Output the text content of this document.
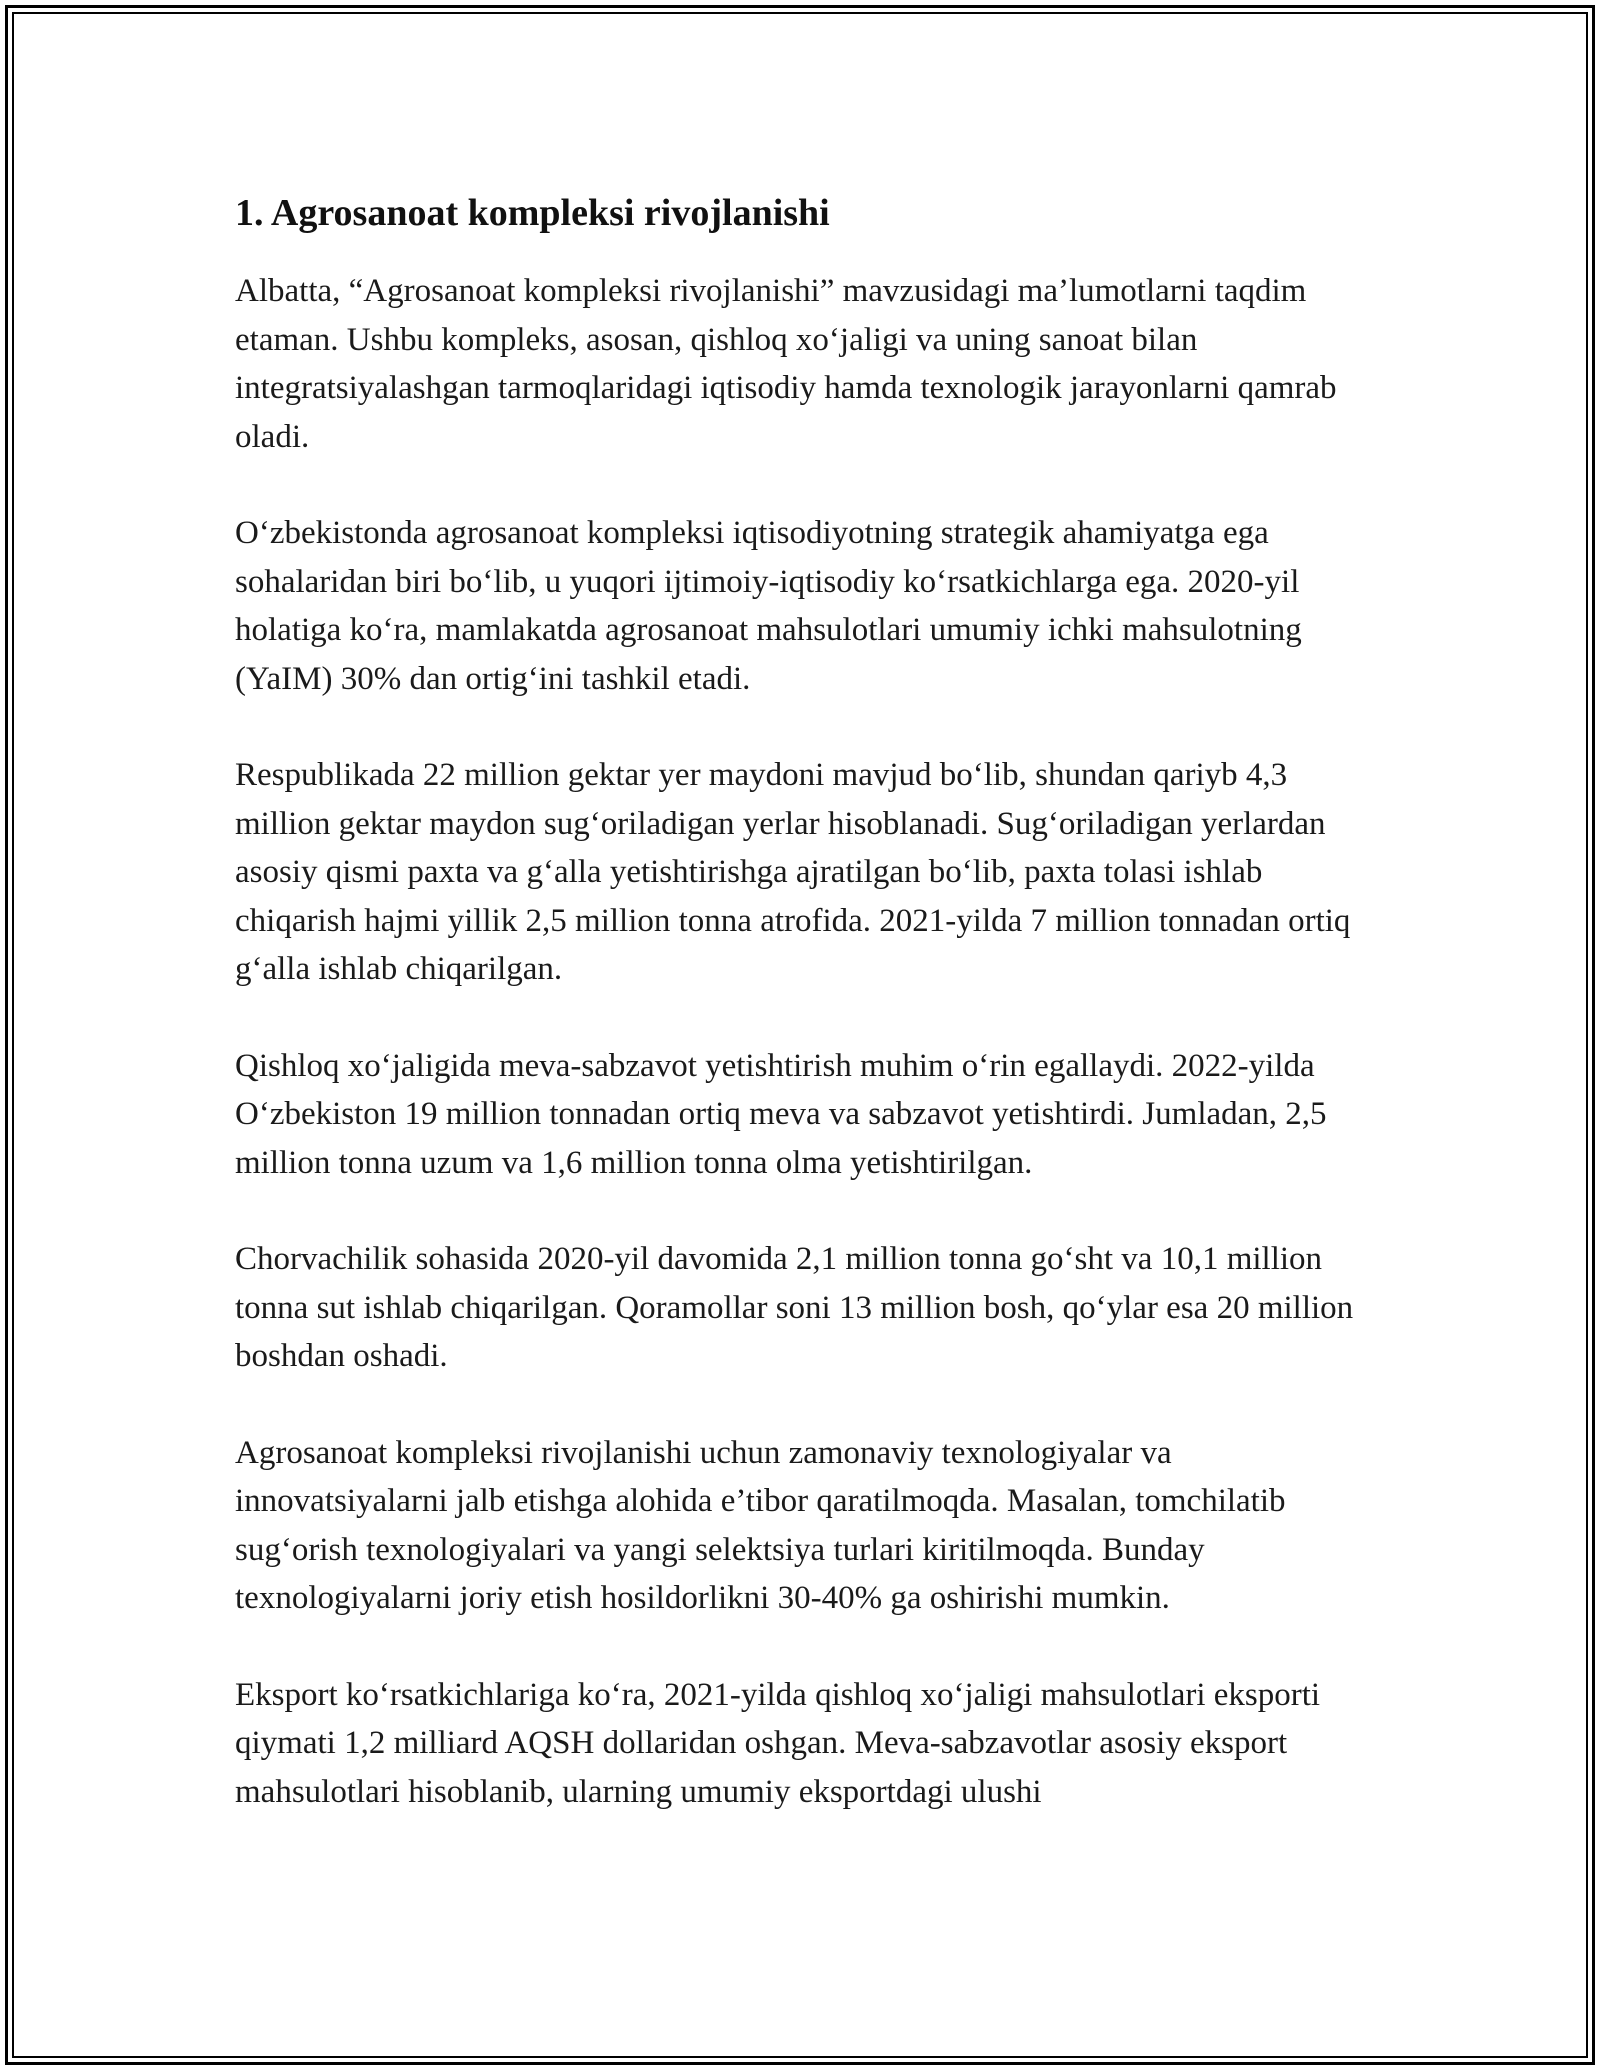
1. Agrosanoat kompleksi rivojlanishi

Albatta, “Agrosanoat kompleksi rivojlanishi” mavzusidagi ma’lumotlarni taqdim etaman. Ushbu kompleks, asosan, qishloq xo‘jaligi va uning sanoat bilan integratsiyalashgan tarmoqlaridagi iqtisodiy hamda texnologik jarayonlarni qamrab oladi.

O‘zbekistonda agrosanoat kompleksi iqtisodiyotning strategik ahamiyatga ega sohalaridan biri bo‘lib, u yuqori ijtimoiy-iqtisodiy ko‘rsatkichlarga ega. 2020-yil holatiga ko‘ra, mamlakatda agrosanoat mahsulotlari umumiy ichki mahsulotning (YaIM) 30% dan ortig‘ini tashkil etadi.

Respublikada 22 million gektar yer maydoni mavjud bo‘lib, shundan qariyb 4,3 million gektar maydon sug‘oriladigan yerlar hisoblanadi. Sug‘oriladigan yerlardan asosiy qismi paxta va g‘alla yetishtirishga ajratilgan bo‘lib, paxta tolasi ishlab chiqarish hajmi yillik 2,5 million tonna atrofida. 2021-yilda 7 million tonnadan ortiq g‘alla ishlab chiqarilgan.

Qishloq xo‘jaligida meva-sabzavot yetishtirish muhim o‘rin egallaydi. 2022-yilda O‘zbekiston 19 million tonnadan ortiq meva va sabzavot yetishtirdi. Jumladan, 2,5 million tonna uzum va 1,6 million tonna olma yetishtirilgan.

Chorvachilik sohasida 2020-yil davomida 2,1 million tonna go‘sht va 10,1 million tonna sut ishlab chiqarilgan. Qoramollar soni 13 million bosh, qo‘ylar esa 20 million boshdan oshadi.

Agrosanoat kompleksi rivojlanishi uchun zamonaviy texnologiyalar va innovatsiyalarni jalb etishga alohida e’tibor qaratilmoqda. Masalan, tomchilatib sug‘orish texnologiyalari va yangi selektsiya turlari kiritilmoqda. Bunday texnologiyalarni joriy etish hosildorlikni 30-40% ga oshirishi mumkin.

Eksport ko‘rsatkichlariga ko‘ra, 2021-yilda qishloq xo‘jaligi mahsulotlari eksporti qiymati 1,2 milliard AQSH dollaridan oshgan. Meva-sabzavotlar asosiy eksport mahsulotlari hisoblanib, ularning umumiy eksportdagi ulushi
